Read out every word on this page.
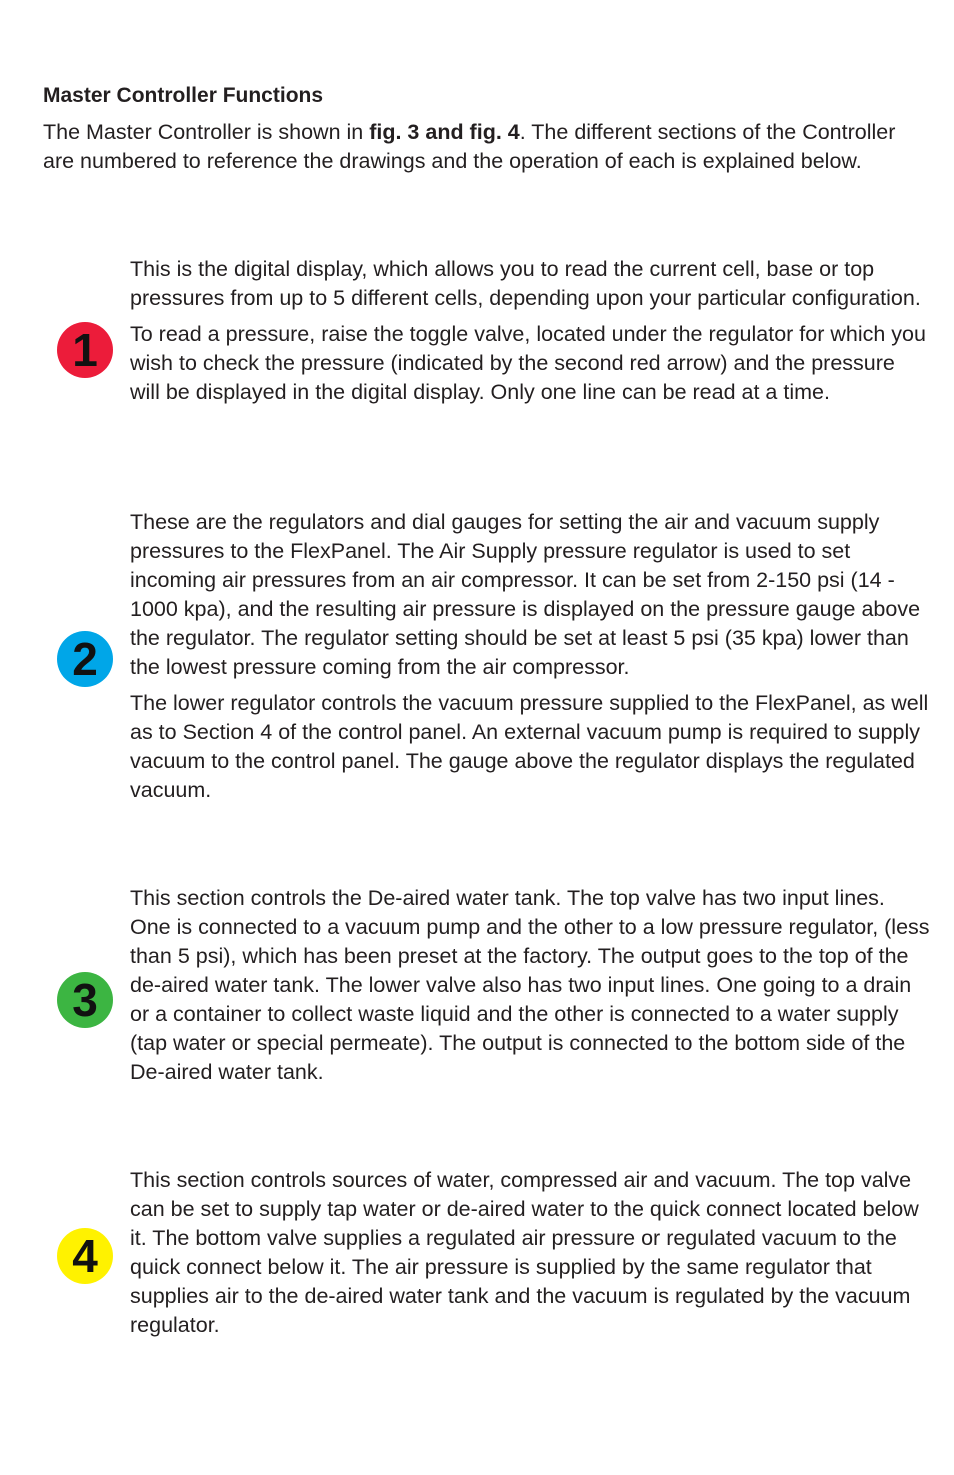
Master Controller Functions

The Master Controller is shown in fig. 3 and fig. 4. The different sections of the Controller are numbered to reference the drawings and the operation of each is explained below.

1

This is the digital display, which allows you to read the current cell, base or top pressures from up to 5 different cells, depending upon your particular configuration.

To read a pressure, raise the toggle valve, located under the regulator for which you wish to check the pressure (indicated by the second red arrow) and the pressure will be displayed in the digital display. Only one line can be read at a time.

2

These are the regulators and dial gauges for setting the air and vacuum supply pressures to the FlexPanel. The Air Supply pressure regulator is used to set incoming air pressures from an air compressor. It can be set from 2-150 psi (14 - 1000 kpa), and the resulting air pressure is displayed on the pressure gauge above the regulator. The regulator setting should be set at least 5 psi (35 kpa) lower than the lowest pressure coming from the air compressor.

The lower regulator controls the vacuum pressure supplied to the FlexPanel, as well as to Section 4 of the control panel. An external vacuum pump is required to supply vacuum to the control panel. The gauge above the regulator displays the regulated vacuum.

3

This section controls the De-aired water tank. The top valve has two input lines. One is connected to a vacuum pump and the other to a low pressure regulator, (less than 5 psi), which has been preset at the factory. The output goes to the top of the de-aired water tank. The lower valve also has two input lines. One going to a drain or a container to collect waste liquid and the other is connected to a water supply (tap water or special permeate). The output is connected to the bottom side of the De-aired water tank.

4

This section controls sources of water, compressed air and vacuum. The top valve can be set to supply tap water or de-aired water to the quick connect located below it. The bottom valve supplies a regulated air pressure or regulated vacuum to the quick connect below it. The air pressure is supplied by the same regulator that supplies air to the de-aired water tank and the vacuum is regulated by the vacuum regulator.
